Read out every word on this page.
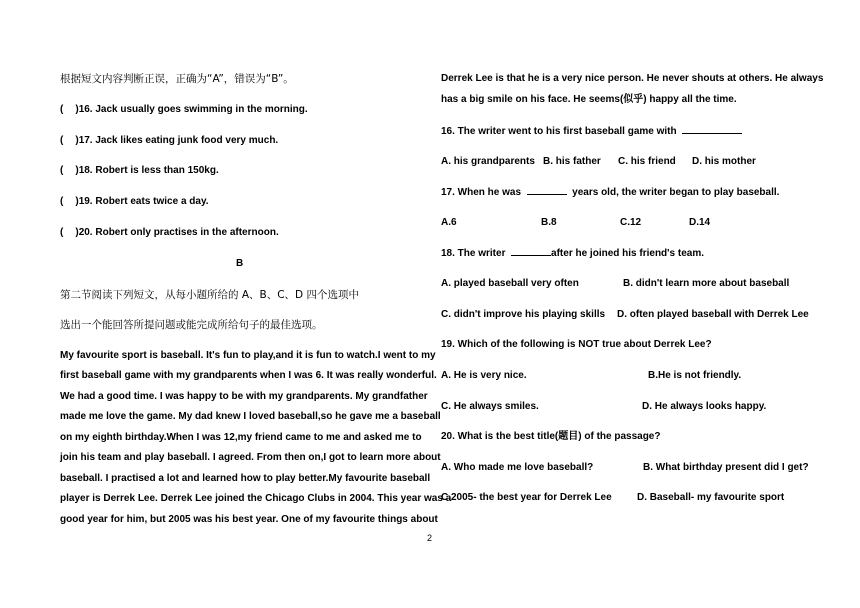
根据短文内容判断正误，正确为“A”，错误为“B”。
( )16. Jack usually goes swimming in the morning.
( )17. Jack likes eating junk food very much.
( )18. Robert is less than 150kg.
( )19. Robert eats twice a day.
( )20. Robert only practises in the afternoon.
B
第二节阅读下列短文，从每小题所给的 A、B、C、D 四个选项中
选出一个能回答所提问题或能完成所给句子的最佳选项。
My favourite sport is baseball. It's fun to play,and it is fun to watch.I went to my
first baseball game with my grandparents when I was 6. It was really wonderful.
We had a good time. I was happy to be with my grandparents. My grandfather
made me love the game. My dad knew I loved baseball,so he gave me a baseball
on my eighth birthday.When I was 12,my friend came to me and asked me to
join his team and play baseball. I agreed. From then on,I got to learn more about
baseball. I practised a lot and learned how to play better.My favourite baseball
player is Derrek Lee. Derrek Lee joined the Chicago Clubs in 2004. This year was a
good year for him, but 2005 was his best year. One of my favourite things about
Derrek Lee is that he is a very nice person. He never shouts at others. He always
has a big smile on his face. He seems(似乎) happy all the time.
16. The writer went to his first baseball game with
A. his grandparents B. his father C. his friend D. his mother
17. When he was	years old, the writer began to play baseball.
A.6	B.8	C.12	D.14
18. The writer	after he joined his friend's team.
A. played baseball very often	B. didn't learn more about baseball
C. didn't improve his playing skills D. often played baseball with Derrek Lee
19. Which of the following is NOT true about Derrek Lee?
A. He is very nice.	B.He is not friendly.
C. He always smiles.	D. He always looks happy.
20. What is the best title(题目) of the passage?
A. Who made me love baseball?	B. What birthday present did I get?
C.2005- the best year for Derrek Lee	D. Baseball- my favourite sport
2
